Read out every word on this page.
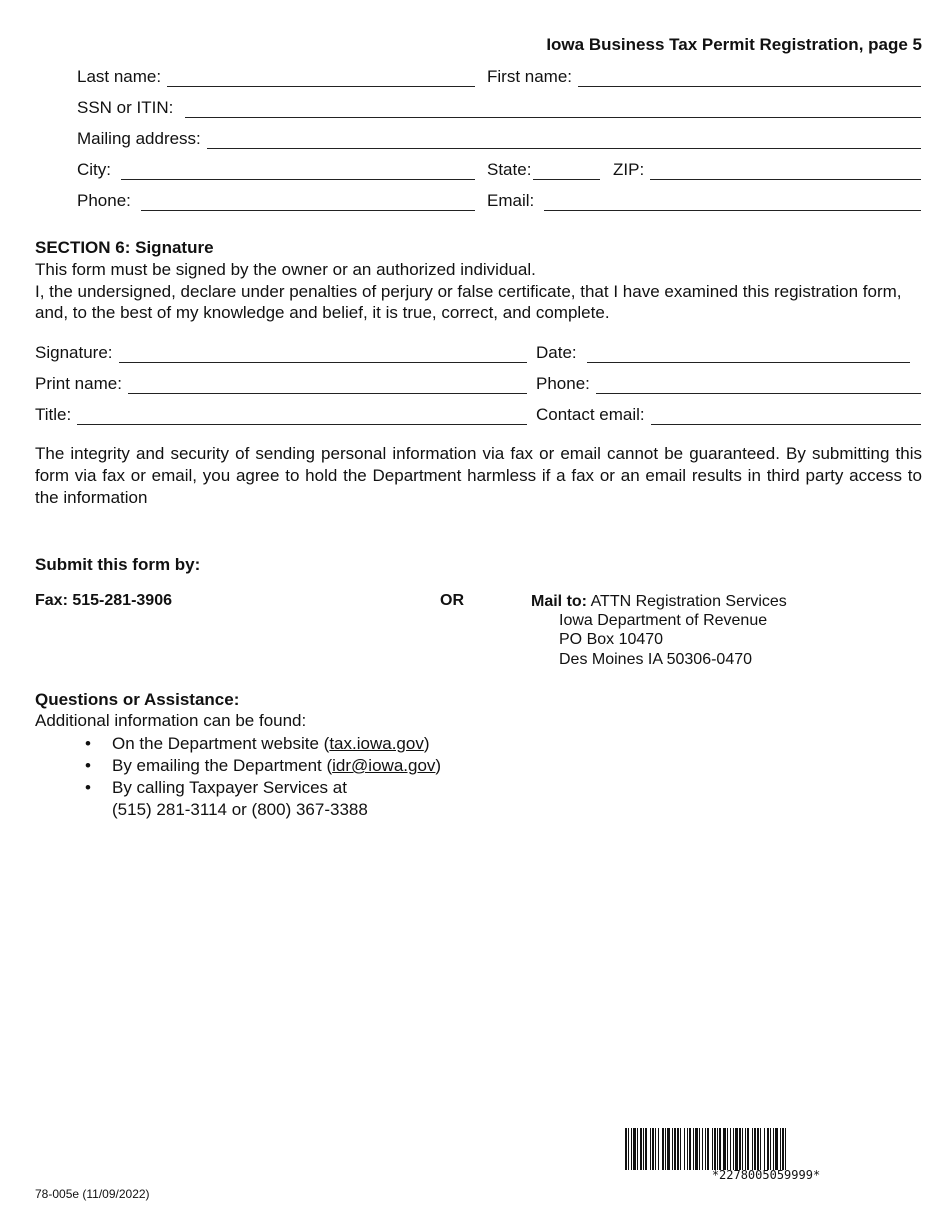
Iowa Business Tax Permit Registration, page 5
Last name:	First name:
SSN or ITIN:
Mailing address:
City:	State:	ZIP:
Phone:	Email:
SECTION 6: Signature
This form must be signed by the owner or an authorized individual.
I, the undersigned, declare under penalties of perjury or false certificate, that I have examined this registration form, and, to the best of my knowledge and belief, it is true, correct, and complete.
Signature:	Date:
Print name:	Phone:
Title:	Contact email:
The integrity and security of sending personal information via fax or email cannot be guaranteed. By submitting this form via fax or email, you agree to hold the Department harmless if a fax or an email results in third party access to the information
Submit this form by:
Fax: 515-281-3906	OR	Mail to: ATTN Registration Services
Iowa Department of Revenue
PO Box 10470
Des Moines IA 50306-0470
Questions or Assistance:
Additional information can be found:
• On the Department website (tax.iowa.gov)
• By emailing the Department (idr@iowa.gov)
• By calling Taxpayer Services at
(515) 281-3114 or (800) 367-3388
*2278005059999*
78-005e (11/09/2022)
